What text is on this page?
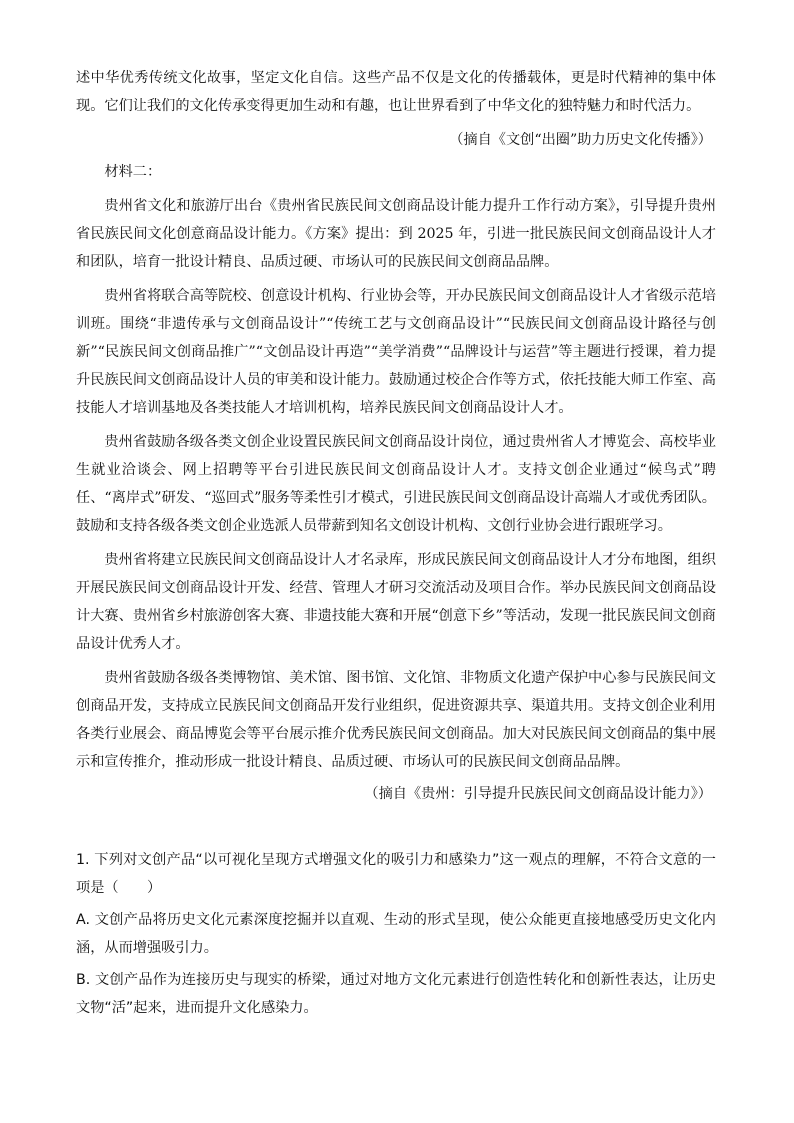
述中华优秀传统文化故事，坚定文化自信。这些产品不仅是文化的传播载体，更是时代精神的集中体现。它们让我们的文化传承变得更加生动和有趣，也让世界看到了中华文化的独特魅力和时代活力。

（摘自《文创“出圈”助力历史文化传播》）

材料二：

贵州省文化和旅游厅出台《贵州省民族民间文创商品设计能力提升工作行动方案》，引导提升贵州省民族民间文化创意商品设计能力。《方案》提出：到 2025 年，引进一批民族民间文创商品设计人才和团队，培育一批设计精良、品质过硬、市场认可的民族民间文创商品品牌。

贵州省将联合高等院校、创意设计机构、行业协会等，开办民族民间文创商品设计人才省级示范培训班。围绕“非遗传承与文创商品设计”“传统工艺与文创商品设计”“民族民间文创商品设计路径与创新”“民族民间文创商品推广”“文创品设计再造”“美学消费”“品牌设计与运营”等主题进行授课，着力提升民族民间文创商品设计人员的审美和设计能力。鼓励通过校企合作等方式，依托技能大师工作室、高技能人才培训基地及各类技能人才培训机构，培养民族民间文创商品设计人才。

贵州省鼓励各级各类文创企业设置民族民间文创商品设计岗位，通过贵州省人才博览会、高校毕业生就业洽谈会、网上招聘等平台引进民族民间文创商品设计人才。支持文创企业通过“候鸟式”聘任、“离岸式”研发、“巡回式”服务等柔性引才模式，引进民族民间文创商品设计高端人才或优秀团队。鼓励和支持各级各类文创企业选派人员带薪到知名文创设计机构、文创行业协会进行跟班学习。

贵州省将建立民族民间文创商品设计人才名录库，形成民族民间文创商品设计人才分布地图，组织开展民族民间文创商品设计开发、经营、管理人才研习交流活动及项目合作。举办民族民间文创商品设计大赛、贵州省乡村旅游创客大赛、非遗技能大赛和开展“创意下乡”等活动，发现一批民族民间文创商品设计优秀人才。

贵州省鼓励各级各类博物馆、美术馆、图书馆、文化馆、非物质文化遗产保护中心参与民族民间文创商品开发，支持成立民族民间文创商品开发行业组织，促进资源共享、渠道共用。支持文创企业利用各类行业展会、商品博览会等平台展示推介优秀民族民间文创商品。加大对民族民间文创商品的集中展示和宣传推介，推动形成一批设计精良、品质过硬、市场认可的民族民间文创商品品牌。

（摘自《贵州：引导提升民族民间文创商品设计能力》）

1. 下列对文创产品“以可视化呈现方式增强文化的吸引力和感染力”这一观点的理解，不符合文意的一项是（　　）

A. 文创产品将历史文化元素深度挖掘并以直观、生动的形式呈现，使公众能更直接地感受历史文化内涵，从而增强吸引力。

B. 文创产品作为连接历史与现实的桥梁，通过对地方文化元素进行创造性转化和创新性表达，让历史文物“活”起来，进而提升文化感染力。
